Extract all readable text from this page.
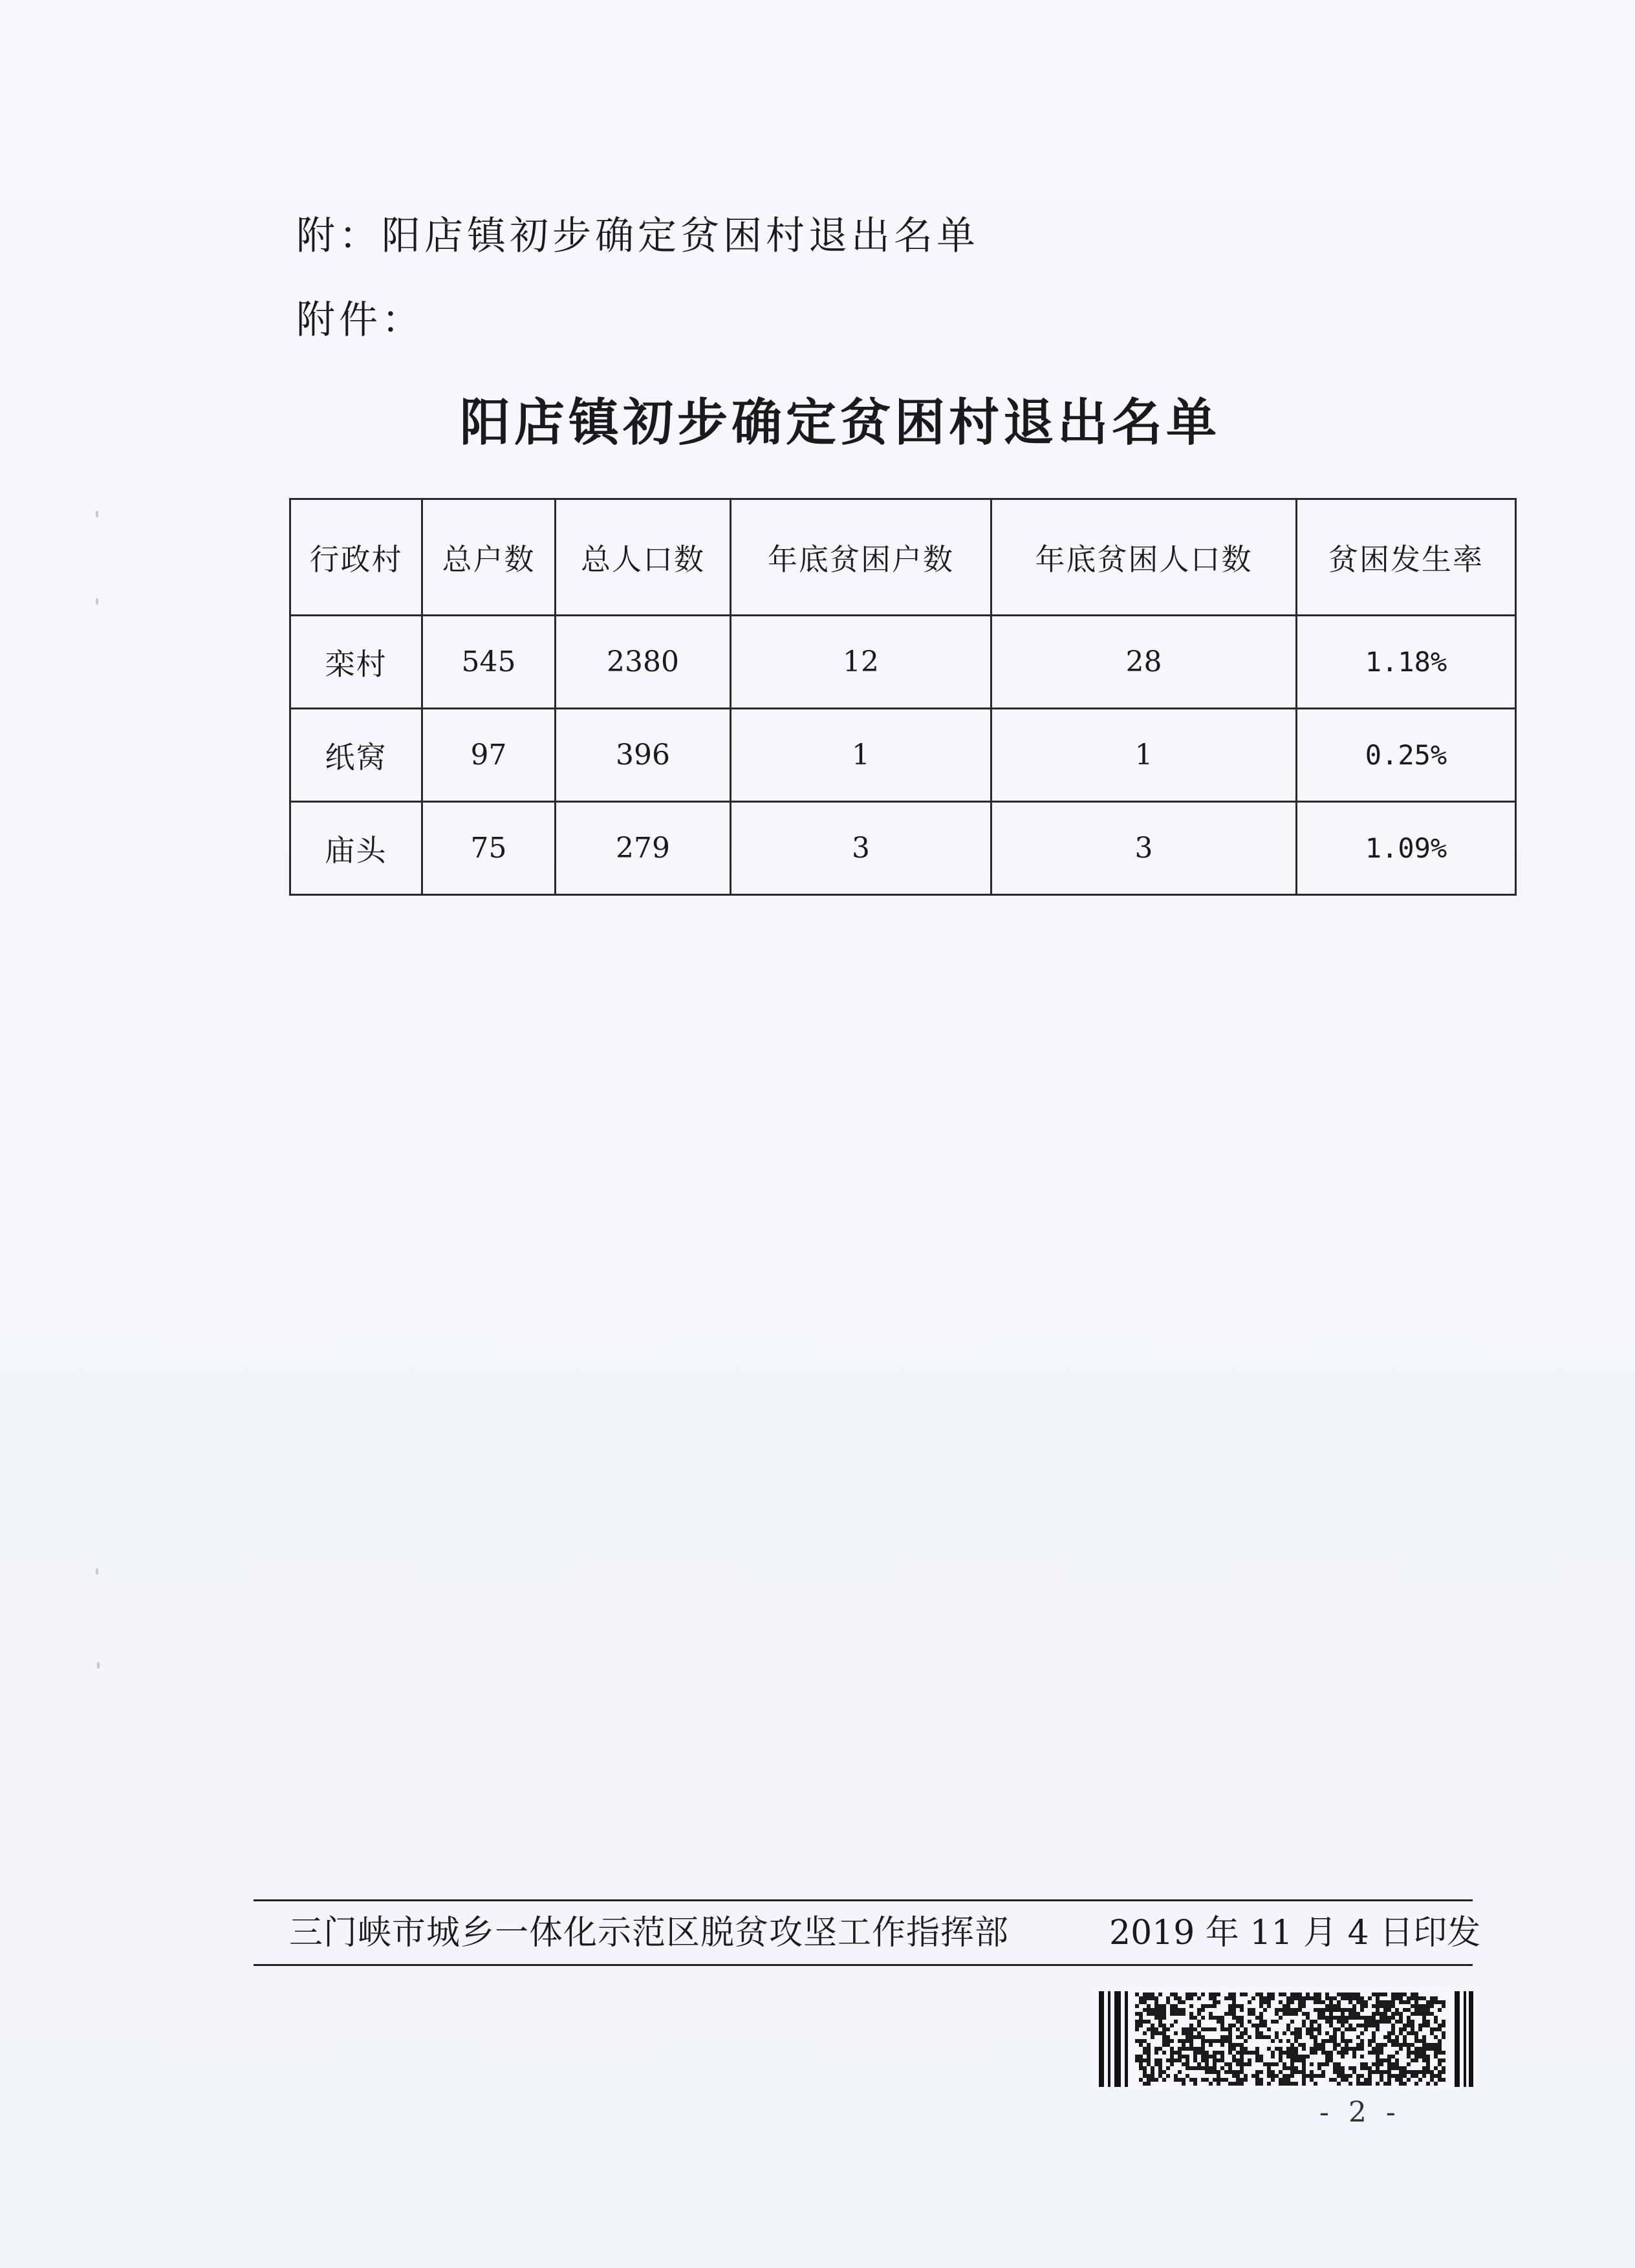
附：阳店镇初步确定贫困村退出名单
附件：
阳店镇初步确定贫困村退出名单
行政村	总户数	总人口数	年底贫困户数	年底贫困人口数	贫困发生率
栾村	545	2380	12	28	1.18%
纸窝	97	396	1	1	0.25%
庙头	75	279	3	3	1.09%
三门峡市城乡一体化示范区脱贫攻坚工作指挥部	2019 年 11 月 4 日印发
- 2 -
